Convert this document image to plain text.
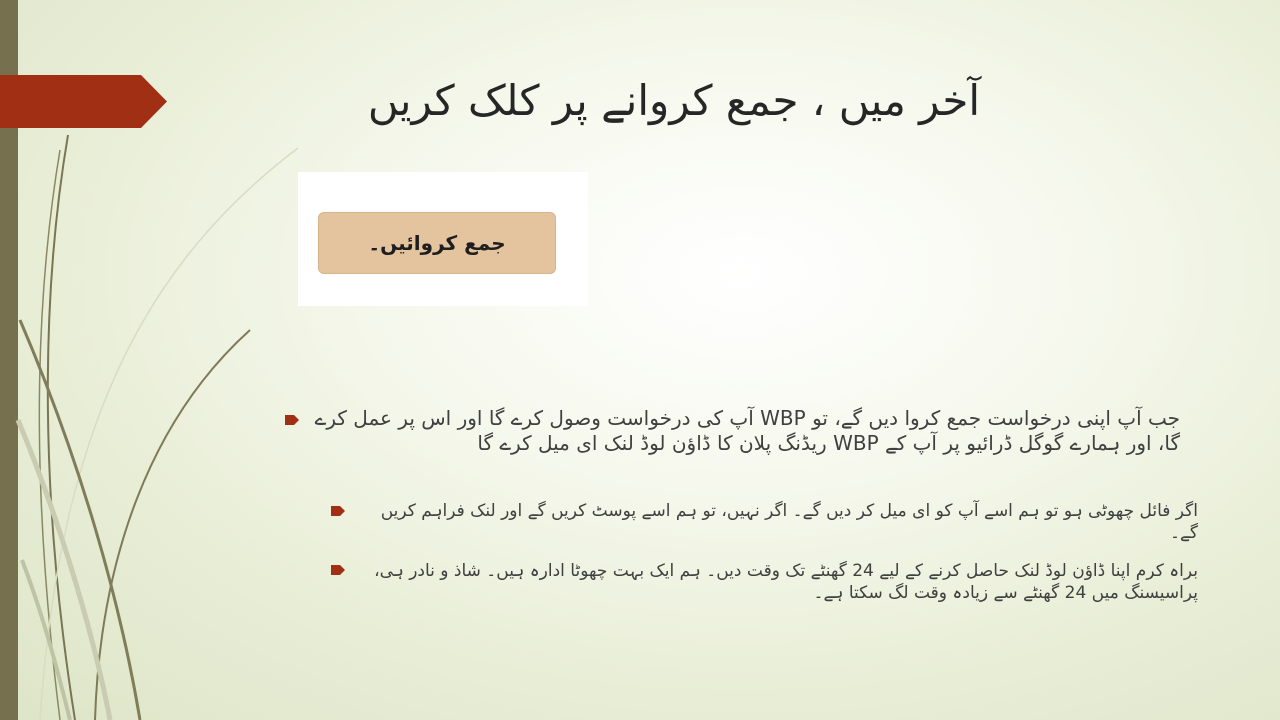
آخر میں ، جمع کروانے پر کلک کریں
جمع کروائیں۔
جب آپ اپنی درخواست جمع کروا دیں گے، تو WBP آپ کی درخواست وصول کرے گا اور اس پر عمل کرے گا، اور ہمارے گوگل ڈرائیو پر آپ کے WBP ریڈنگ پلان کا ڈاؤن لوڈ لنک ای میل کرے گا
اگر فائل چھوٹی ہو تو ہم اسے آپ کو ای میل کر دیں گے۔ اگر نہیں، تو ہم اسے پوسٹ کریں گے اور لنک فراہم کریں گے۔
براہ کرم اپنا ڈاؤن لوڈ لنک حاصل کرنے کے لیے 24 گھنٹے تک وقت دیں۔ ہم ایک بہت چھوٹا ادارہ ہیں۔ شاذ و نادر ہی، پراسیسنگ میں 24 گھنٹے سے زیادہ وقت لگ سکتا ہے۔
